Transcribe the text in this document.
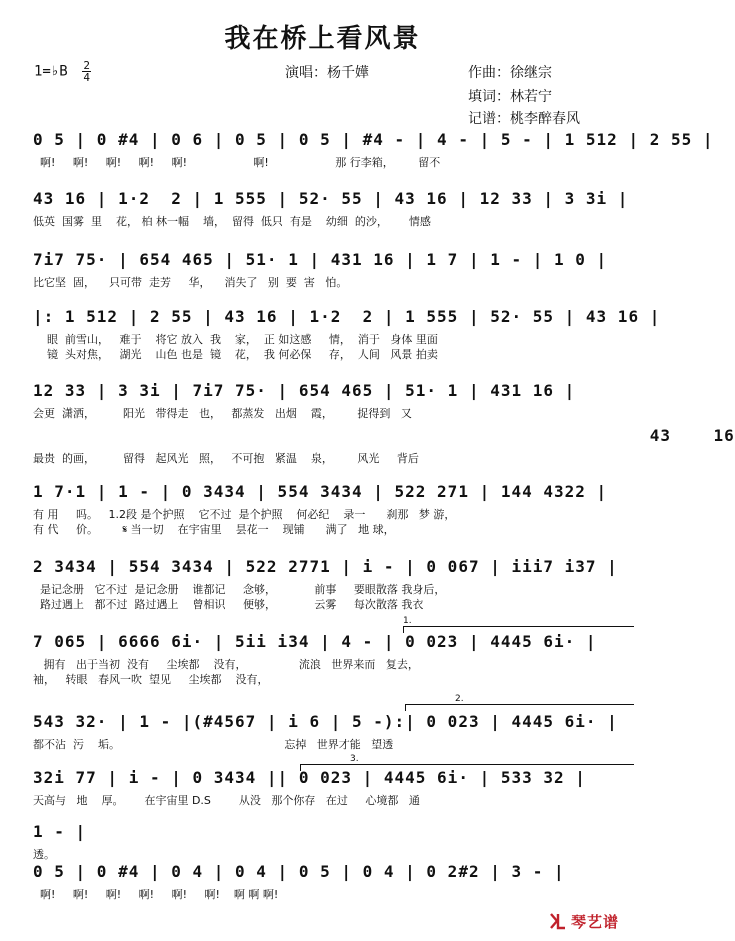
我在桥上看风景
1=♭B $\frac{2}{4}$	演唱：杨千嬅	作曲：徐继宗
填词：林若宁
记谱：桃李醉春风
0 5 | 0 #4 | 0 6 | 0 5 | 0 5 | #4 - | 4 - | 5 - | 1 512 | 2 55 |
啊!     啊!     啊!     啊!     啊!                   啊!                   那 行李箱，       留不
43 16 | 1·2  2 | 1 555 | 52· 55 | 43 16 | 12 33 | 3 3i |
低英  国雾  里    花， 柏 林一幅    墙，  留得  低只  有是    幼细  的沙，      情感
7i7 75· | 654 465 | 51· 1 | 431 16 | 1 7 | 1 - | 1 0 |
比它坚  固，    只可带  走芳     华，    消失了   别  要  害   怕。
|: 1 512 | 2 55 | 43 16 | 1·2  2 | 1 555 | 52· 55 | 43 16 |
眼  前雪山，   难于    将它 放入  我    家，  正 如这感     情，  消于   身体 里面
镜  头对焦，   湖光    山色 也是  镜    花，  我 何必保     存，  人间   风景 拍卖
12 33 | 3 3i | 7i7 75· | 654 465 | 51· 1 | 431 16 |
会更  潇洒，        阳光   带得走   也，   都蒸发   出烟    霞，       捉得到   又
43    16
最贵  的画，        留得   起风光   照，   不可抱   紧温    泉，       风光     背后
1 7·1 | 1 - | 0 3434 | 554 3434 | 522 271 | 144 4322 |
有 用     吗。   1.2段 是个护照    它不过  是个护照    何必纪    录一      刹那   梦 游，
有 代     价。       𝄋 当一切    在宇宙里    昙花一    现铺      满了   地 球，
2 3434 | 554 3434 | 522 2771 | i - | 0 067 | iii7 i37 |
是记念册   它不过  是记念册    谁都记     念够，           前事     要眼散落 我身后，
路过遇上   都不过  路过遇上    曾相识     便够，           云雾     每次散落 我衣
7 065 | 6666 6i· | 5ii i34 | 4 - | 0 023 | 4445 6i· |
拥有   出于当初  没有     尘埃都    没有，               流浪   世界来而   复去，
袖，   转眼   春风一吹  望见     尘埃都    没有，
543 32· | 1 - |(#4567 | i 6 | 5 -):| 0 023 | 4445 6i· |
都不沾  污    垢。                                               忘掉   世界才能   望透
32i 77 | i - | 0 3434 || 0 023 | 4445 6i· | 533 32 |
天高与   地    厚。      在宇宙里 D.S        从没   那个你存   在过     心境都   通
1 - |
透。
0 5 | 0 #4 | 0 4 | 0 4 | 0 5 | 0 4 | 0 2#2 | 3 - |
啊!     啊!     啊!     啊!     啊!     啊!    啊 啊 啊!
1.
2.
3.
琴艺谱
